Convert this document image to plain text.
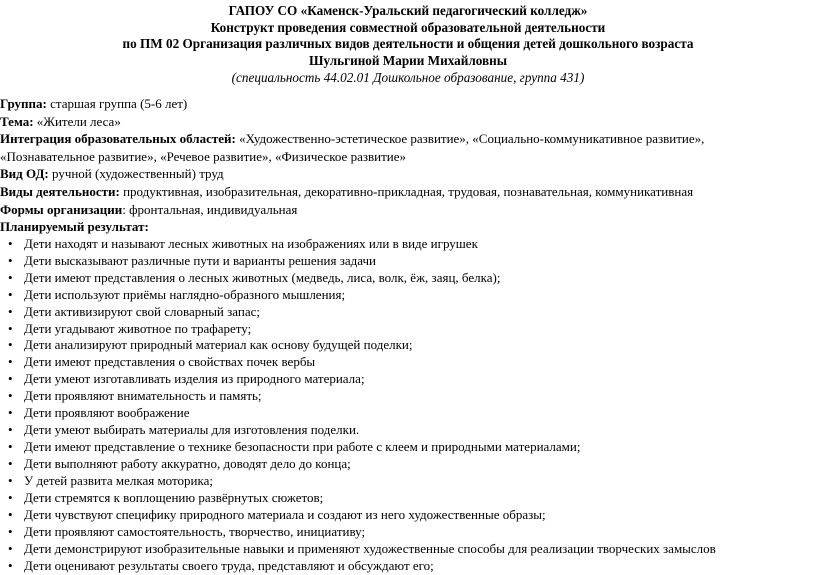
ГАПОУ СО «Каменск-Уральский педагогический колледж»
Конструкт проведения совместной образовательной деятельности
по ПМ 02 Организация различных видов деятельности и общения детей дошкольного возраста
Шульгиной Марии Михайловны
(специальность 44.02.01 Дошкольное образование, группа 431)
Группа: старшая группа (5-6 лет)
Тема: «Жители леса»
Интеграция образовательных областей: «Художественно-эстетическое развитие», «Социально-коммуникативное развитие»,
«Познавательное развитие», «Речевое развитие», «Физическое развитие»
Вид ОД: ручной (художественный) труд
Виды деятельности: продуктивная, изобразительная, декоративно-прикладная, трудовая, познавательная, коммуникативная
Формы организации: фронтальная, индивидуальная
Планируемый результат:
• Дети находят и называют лесных животных на изображениях или в виде игрушек
• Дети высказывают различные пути и варианты решения задачи
• Дети имеют представления о лесных животных (медведь, лиса, волк, ёж, заяц, белка);
• Дети используют приёмы наглядно-образного мышления;
• Дети активизируют свой словарный запас;
• Дети угадывают животное по трафарету;
• Дети анализируют природный материал как основу будущей поделки;
• Дети имеют представления о свойствах почек вербы
• Дети умеют изготавливать изделия из природного материала;
• Дети проявляют внимательность и память;
• Дети проявляют воображение
• Дети умеют выбирать материалы для изготовления поделки.
• Дети имеют представление о технике безопасности при работе с клеем и природными материалами;
• Дети выполняют работу аккуратно, доводят дело до конца;
• У детей развита мелкая моторика;
• Дети стремятся к воплощению развёрнутых сюжетов;
• Дети чувствуют специфику природного материала и создают из него художественные образы;
• Дети проявляют самостоятельность, творчество, инициативу;
• Дети демонстрируют изобразительные навыки и применяют художественные способы для реализации творческих замыслов
• Дети оценивают результаты своего труда, представляют и обсуждают его;
